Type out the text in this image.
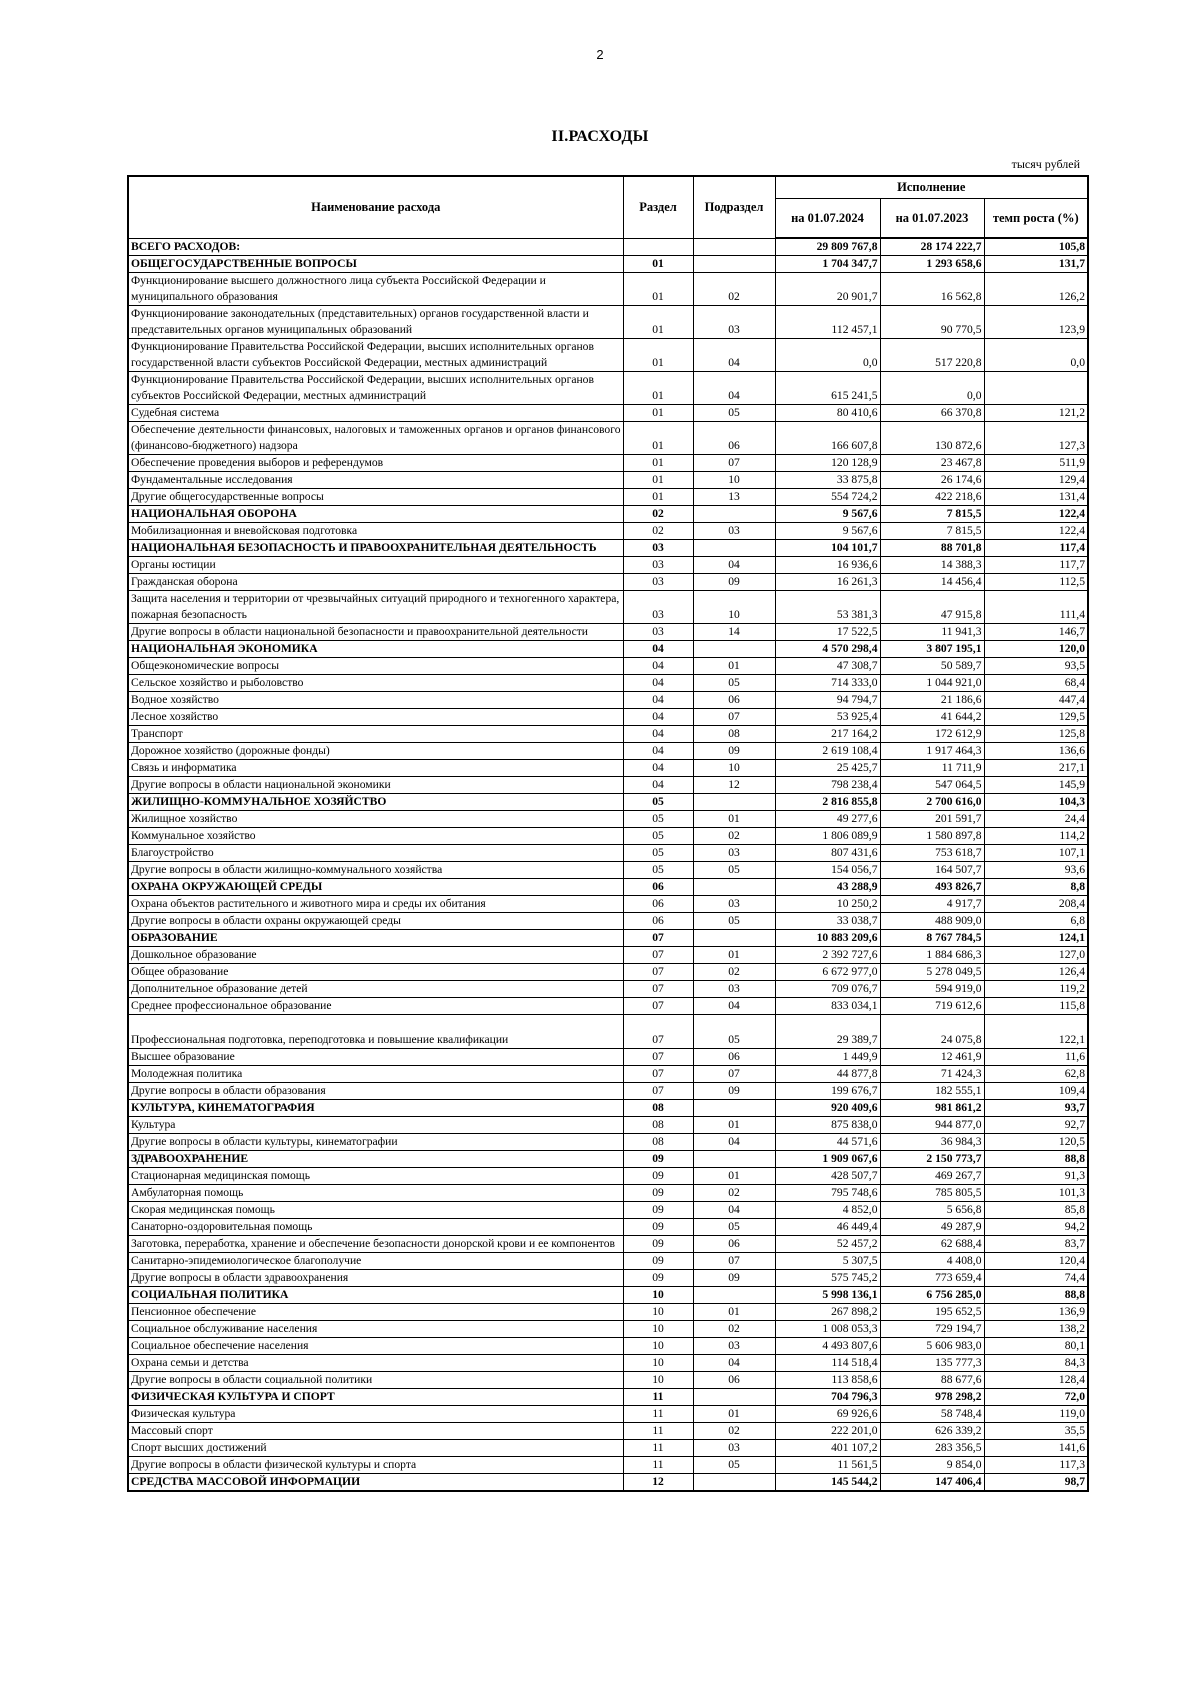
2
II.РАСХОДЫ
тысяч рублей
Наименование расхода	Раздел	Подраздел	Исполнение		
			на 01.07.2024	на 01.07.2023	темп роста (%)
ВСЕГО РАСХОДОВ:			29 809 767,8	28 174 222,7	105,8
ОБЩЕГОСУДАРСТВЕННЫЕ ВОПРОСЫ	01		1 704 347,7	1 293 658,6	131,7
Функционирование высшего должностного лица субъекта Российской Федерации и муниципального образования	01	02	20 901,7	16 562,8	126,2
Функционирование законодательных (представительных) органов государственной власти и представительных органов муниципальных образований	01	03	112 457,1	90 770,5	123,9
Функционирование Правительства Российской Федерации, высших исполнительных органов государственной власти субъектов Российской Федерации, местных администраций	01	04	0,0	517 220,8	0,0
Функционирование Правительства Российской Федерации, высших исполнительных органов субъектов Российской Федерации, местных администраций	01	04	615 241,5	0,0	
Судебная система	01	05	80 410,6	66 370,8	121,2
Обеспечение деятельности финансовых, налоговых и таможенных органов и органов финансового (финансово-бюджетного) надзора	01	06	166 607,8	130 872,6	127,3
Обеспечение проведения выборов и референдумов	01	07	120 128,9	23 467,8	511,9
Фундаментальные исследования	01	10	33 875,8	26 174,6	129,4
Другие общегосударственные вопросы	01	13	554 724,2	422 218,6	131,4
НАЦИОНАЛЬНАЯ ОБОРОНА	02		9 567,6	7 815,5	122,4
Мобилизационная и вневойсковая подготовка	02	03	9 567,6	7 815,5	122,4
НАЦИОНАЛЬНАЯ БЕЗОПАСНОСТЬ И ПРАВООХРАНИТЕЛЬНАЯ ДЕЯТЕЛЬНОСТЬ	03		104 101,7	88 701,8	117,4
Органы юстиции	03	04	16 936,6	14 388,3	117,7
Гражданская оборона	03	09	16 261,3	14 456,4	112,5
Защита населения и территории от чрезвычайных ситуаций природного и техногенного характера, пожарная безопасность	03	10	53 381,3	47 915,8	111,4
Другие вопросы в области национальной безопасности и правоохранительной деятельности	03	14	17 522,5	11 941,3	146,7
НАЦИОНАЛЬНАЯ ЭКОНОМИКА	04		4 570 298,4	3 807 195,1	120,0
Общеэкономические вопросы	04	01	47 308,7	50 589,7	93,5
Сельское хозяйство и рыболовство	04	05	714 333,0	1 044 921,0	68,4
Водное хозяйство	04	06	94 794,7	21 186,6	447,4
Лесное хозяйство	04	07	53 925,4	41 644,2	129,5
Транспорт	04	08	217 164,2	172 612,9	125,8
Дорожное хозяйство (дорожные фонды)	04	09	2 619 108,4	1 917 464,3	136,6
Связь и информатика	04	10	25 425,7	11 711,9	217,1
Другие вопросы в области национальной экономики	04	12	798 238,4	547 064,5	145,9
ЖИЛИЩНО-КОММУНАЛЬНОЕ ХОЗЯЙСТВО	05		2 816 855,8	2 700 616,0	104,3
Жилищное хозяйство	05	01	49 277,6	201 591,7	24,4
Коммунальное хозяйство	05	02	1 806 089,9	1 580 897,8	114,2
Благоустройство	05	03	807 431,6	753 618,7	107,1
Другие вопросы в области жилищно-коммунального хозяйства	05	05	154 056,7	164 507,7	93,6
ОХРАНА ОКРУЖАЮЩЕЙ СРЕДЫ	06		43 288,9	493 826,7	8,8
Охрана объектов растительного и животного мира и среды их обитания	06	03	10 250,2	4 917,7	208,4
Другие вопросы в области охраны окружающей среды	06	05	33 038,7	488 909,0	6,8
ОБРАЗОВАНИЕ	07		10 883 209,6	8 767 784,5	124,1
Дошкольное образование	07	01	2 392 727,6	1 884 686,3	127,0
Общее образование	07	02	6 672 977,0	5 278 049,5	126,4
Дополнительное образование детей	07	03	709 076,7	594 919,0	119,2
Среднее профессиональное образование	07	04	833 034,1	719 612,6	115,8
Профессиональная подготовка, переподготовка и повышение квалификации	07	05	29 389,7	24 075,8	122,1
Высшее образование	07	06	1 449,9	12 461,9	11,6
Молодежная политика	07	07	44 877,8	71 424,3	62,8
Другие вопросы в области образования	07	09	199 676,7	182 555,1	109,4
КУЛЬТУРА, КИНЕМАТОГРАФИЯ	08		920 409,6	981 861,2	93,7
Культура	08	01	875 838,0	944 877,0	92,7
Другие вопросы в области культуры, кинематографии	08	04	44 571,6	36 984,3	120,5
ЗДРАВООХРАНЕНИЕ	09		1 909 067,6	2 150 773,7	88,8
Стационарная медицинская помощь	09	01	428 507,7	469 267,7	91,3
Амбулаторная помощь	09	02	795 748,6	785 805,5	101,3
Скорая медицинская помощь	09	04	4 852,0	5 656,8	85,8
Санаторно-оздоровительная помощь	09	05	46 449,4	49 287,9	94,2
Заготовка, переработка, хранение и обеспечение безопасности донорской крови и ее компонентов	09	06	52 457,2	62 688,4	83,7
Санитарно-эпидемиологическое благополучие	09	07	5 307,5	4 408,0	120,4
Другие вопросы в области здравоохранения	09	09	575 745,2	773 659,4	74,4
СОЦИАЛЬНАЯ ПОЛИТИКА	10		5 998 136,1	6 756 285,0	88,8
Пенсионное обеспечение	10	01	267 898,2	195 652,5	136,9
Социальное обслуживание населения	10	02	1 008 053,3	729 194,7	138,2
Социальное обеспечение населения	10	03	4 493 807,6	5 606 983,0	80,1
Охрана семьи и детства	10	04	114 518,4	135 777,3	84,3
Другие вопросы в области социальной политики	10	06	113 858,6	88 677,6	128,4
ФИЗИЧЕСКАЯ КУЛЬТУРА И СПОРТ	11		704 796,3	978 298,2	72,0
Физическая культура	11	01	69 926,6	58 748,4	119,0
Массовый спорт	11	02	222 201,0	626 339,2	35,5
Спорт высших достижений	11	03	401 107,2	283 356,5	141,6
Другие вопросы в области физической культуры и спорта	11	05	11 561,5	9 854,0	117,3
СРЕДСТВА МАССОВОЙ ИНФОРМАЦИИ	12		145 544,2	147 406,4	98,7
